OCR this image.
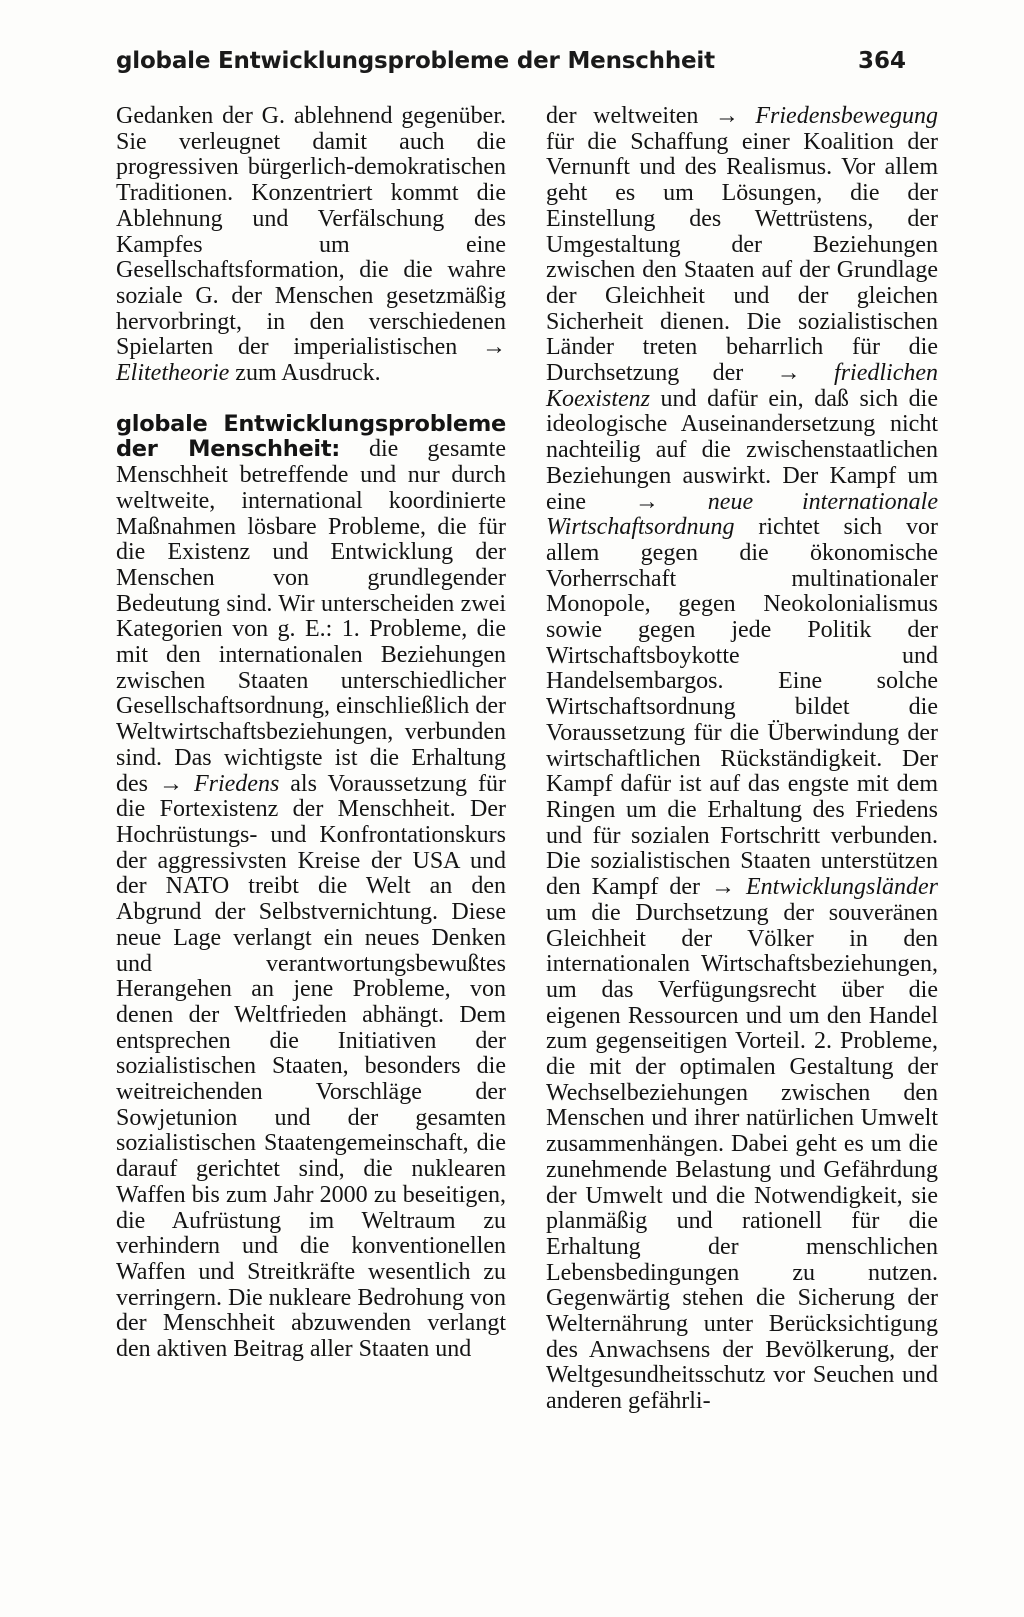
globale Entwicklungsprobleme der Menschheit	364

Gedanken der G. ablehnend gegenüber. Sie verleugnet damit auch die progressiven bürgerlich-demokratischen Traditionen. Konzentriert kommt die Ablehnung und Verfälschung des Kampfes um eine Gesellschaftsformation, die die wahre soziale G. der Menschen gesetzmäßig hervorbringt, in den verschiedenen Spielarten der imperialistischen → Elitetheorie zum Ausdruck.

globale Entwicklungsprobleme der Menschheit: die gesamte Menschheit betreffende und nur durch weltweite, international koordinierte Maßnahmen lösbare Probleme, die für die Existenz und Entwicklung der Menschen von grundlegender Bedeutung sind. Wir unterscheiden zwei Kategorien von g. E.: 1. Probleme, die mit den internationalen Beziehungen zwischen Staaten unterschiedlicher Gesellschaftsordnung, einschließlich der Weltwirtschaftsbeziehungen, verbunden sind. Das wichtigste ist die Erhaltung des → Friedens als Voraussetzung für die Fortexistenz der Menschheit. Der Hochrüstungs- und Konfrontationskurs der aggressivsten Kreise der USA und der NATO treibt die Welt an den Abgrund der Selbstvernichtung. Diese neue Lage verlangt ein neues Denken und verantwortungsbewußtes Herangehen an jene Probleme, von denen der Weltfrieden abhängt. Dem entsprechen die Initiativen der sozialistischen Staaten, besonders die weitreichenden Vorschläge der Sowjetunion und der gesamten sozialistischen Staatengemeinschaft, die darauf gerichtet sind, die nuklearen Waffen bis zum Jahr 2000 zu beseitigen, die Aufrüstung im Weltraum zu verhindern und die konventionellen Waffen und Streitkräfte wesentlich zu verringern. Die nukleare Bedrohung von der Menschheit abzuwenden verlangt den aktiven Beitrag aller Staaten und

der weltweiten → Friedensbewegung für die Schaffung einer Koalition der Vernunft und des Realismus. Vor allem geht es um Lösungen, die der Einstellung des Wettrüstens, der Umgestaltung der Beziehungen zwischen den Staaten auf der Grundlage der Gleichheit und der gleichen Sicherheit dienen. Die sozialistischen Länder treten beharrlich für die Durchsetzung der → friedlichen Koexistenz und dafür ein, daß sich die ideologische Auseinandersetzung nicht nachteilig auf die zwischenstaatlichen Beziehungen auswirkt. Der Kampf um eine → neue internationale Wirtschaftsordnung richtet sich vor allem gegen die ökonomische Vorherrschaft multinationaler Monopole, gegen Neokolonialismus sowie gegen jede Politik der Wirtschaftsboykotte und Handelsembargos. Eine solche Wirtschaftsordnung bildet die Voraussetzung für die Überwindung der wirtschaftlichen Rückständigkeit. Der Kampf dafür ist auf das engste mit dem Ringen um die Erhaltung des Friedens und für sozialen Fortschritt verbunden. Die sozialistischen Staaten unterstützen den Kampf der → Entwicklungsländer um die Durchsetzung der souveränen Gleichheit der Völker in den internationalen Wirtschaftsbeziehungen, um das Verfügungsrecht über die eigenen Ressourcen und um den Handel zum gegenseitigen Vorteil. 2. Probleme, die mit der optimalen Gestaltung der Wechselbeziehungen zwischen den Menschen und ihrer natürlichen Umwelt zusammenhängen. Dabei geht es um die zunehmende Belastung und Gefährdung der Umwelt und die Notwendigkeit, sie planmäßig und rationell für die Erhaltung der menschlichen Lebensbedingungen zu nutzen. Gegenwärtig stehen die Sicherung der Welternährung unter Berücksichtigung des Anwachsens der Bevölkerung, der Weltgesundheitsschutz vor Seuchen und anderen gefährli-
